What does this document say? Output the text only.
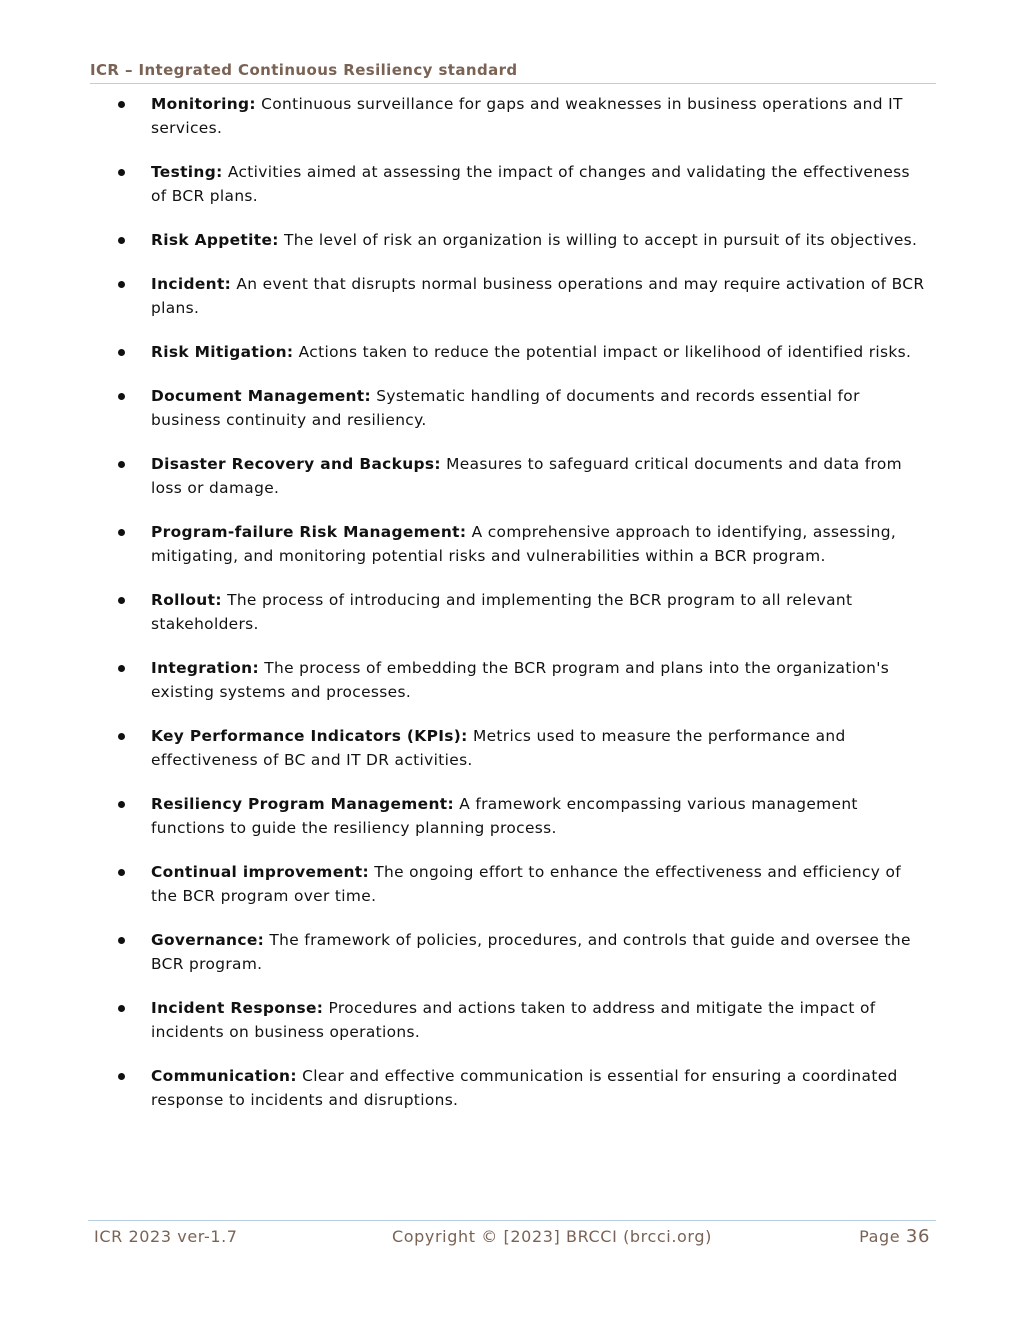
ICR – Integrated Continuous Resiliency standard
Monitoring: Continuous surveillance for gaps and weaknesses in business operations and IT services.
Testing: Activities aimed at assessing the impact of changes and validating the effectiveness of BCR plans.
Risk Appetite: The level of risk an organization is willing to accept in pursuit of its objectives.
Incident: An event that disrupts normal business operations and may require activation of BCR plans.
Risk Mitigation: Actions taken to reduce the potential impact or likelihood of identified risks.
Document Management: Systematic handling of documents and records essential for business continuity and resiliency.
Disaster Recovery and Backups: Measures to safeguard critical documents and data from loss or damage.
Program-failure Risk Management: A comprehensive approach to identifying, assessing, mitigating, and monitoring potential risks and vulnerabilities within a BCR program.
Rollout: The process of introducing and implementing the BCR program to all relevant stakeholders.
Integration: The process of embedding the BCR program and plans into the organization's existing systems and processes.
Key Performance Indicators (KPIs): Metrics used to measure the performance and effectiveness of BC and IT DR activities.
Resiliency Program Management: A framework encompassing various management functions to guide the resiliency planning process.
Continual improvement: The ongoing effort to enhance the effectiveness and efficiency of the BCR program over time.
Governance: The framework of policies, procedures, and controls that guide and oversee the BCR program.
Incident Response: Procedures and actions taken to address and mitigate the impact of incidents on business operations.
Communication: Clear and effective communication is essential for ensuring a coordinated response to incidents and disruptions.
ICR 2023 ver-1.7	Copyright © [2023] BRCCI (brcci.org)	Page 36
